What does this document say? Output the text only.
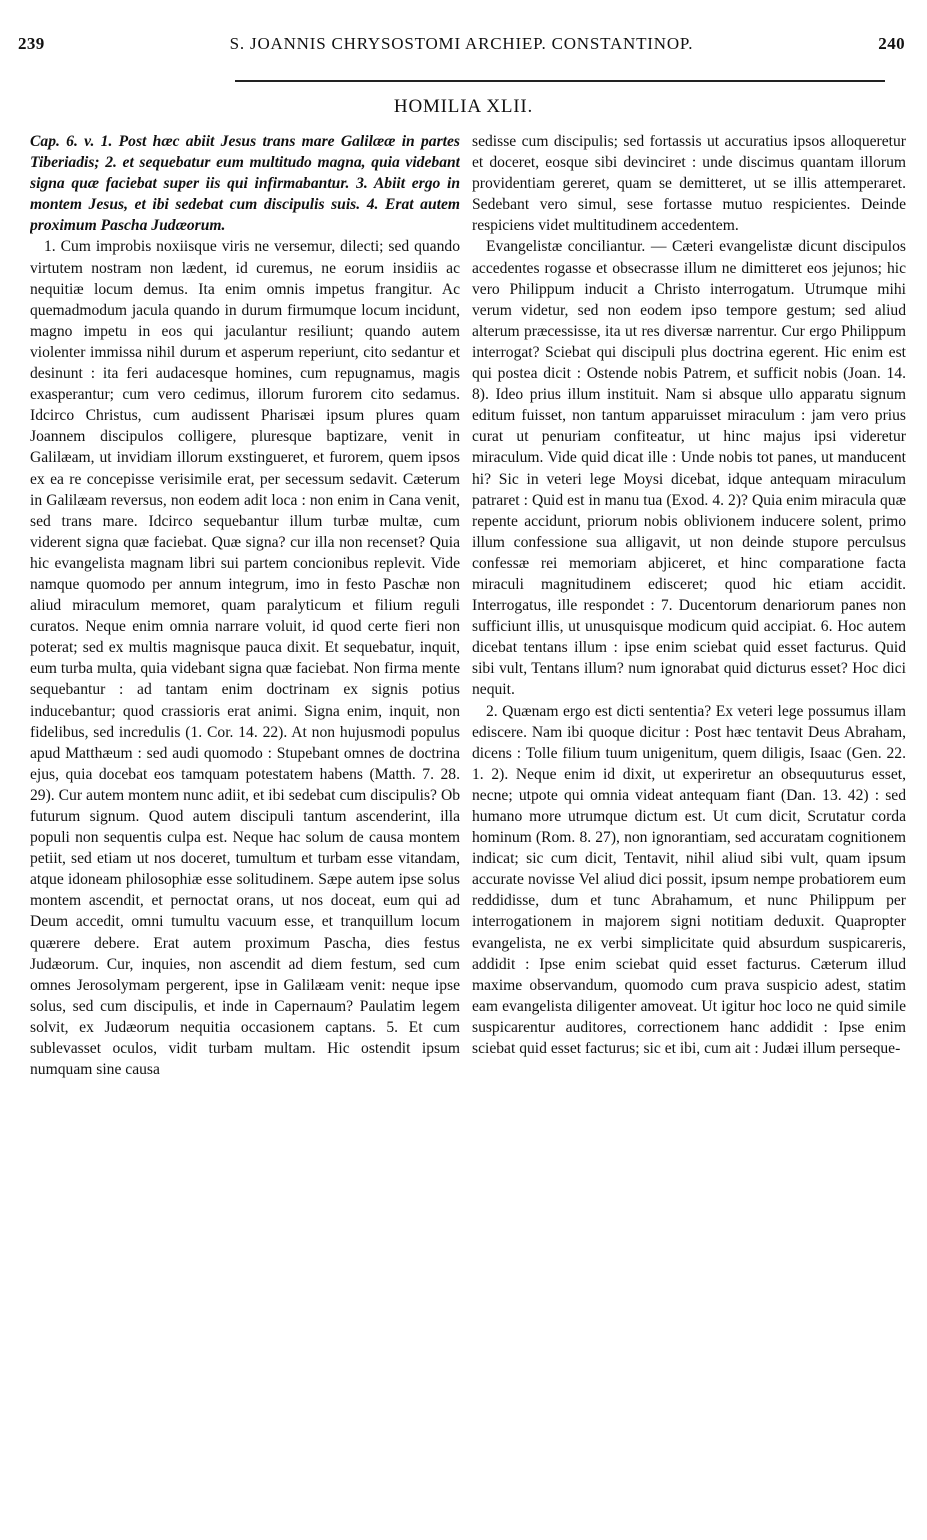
239	S. JOANNIS CHRYSOSTOMI ARCHIEP. CONSTANTINOP.	240
HOMILIA XLII.

Cap. 6. v. 1. Post hæc abiit Jesus trans mare Galilææ in partes Tiberiadis; 2. et sequebatur eum multitudo magna, quia videbant signa quæ faciebat super iis qui infirmabantur. 3. Abiit ergo in montem Jesus, et ibi sedebat cum discipulis suis. 4. Erat autem proximum Pascha Judæorum.

1. Cum improbis noxiisque viris ne versemur, dilecti; sed quando virtutem nostram non lædent, id curemus, ne eorum insidiis ac nequitiæ locum demus. Ita enim omnis impetus frangitur. Ac quemadmodum jacula quando in durum firmumque locum incidunt, magno impetu in eos qui jaculantur resiliunt; quando autem violenter immissa nihil durum et asperum reperiunt, cito sedantur et desinunt : ita feri audacesque homines, cum repugnamus, magis exasperantur; cum vero cedimus, illorum furorem cito sedamus. Idcirco Christus, cum audissent Pharisæi ipsum plures quam Joannem discipulos colligere, pluresque baptizare, venit in Galilæam, ut invidiam illorum exstingueret, et furorem, quem ipsos ex ea re concepisse verisimile erat, per secessum sedavit. Cæterum in Galilæam reversus, non eodem adit loca : non enim in Cana venit, sed trans mare. Idcirco sequebantur illum turbæ multæ, cum viderent signa quæ faciebat. Quæ signa? cur illa non recenset? Quia hic evangelista magnam libri sui partem concionibus replevit. Vide namque quomodo per annum integrum, imo in festo Paschæ non aliud miraculum memoret, quam paralyticum et filium reguli curatos. Neque enim omnia narrare voluit, id quod certe fieri non poterat; sed ex multis magnisque pauca dixit. Et sequebatur, inquit, eum turba multa, quia videbant signa quæ faciebat. Non firma mente sequebantur : ad tantam enim doctrinam ex signis potius inducebantur; quod crassioris erat animi. Signa enim, inquit, non fidelibus, sed incredulis (1. Cor. 14. 22). At non hujusmodi populus apud Matthæum : sed audi quomodo : Stupebant omnes de doctrina ejus, quia docebat eos tamquam potestatem habens (Matth. 7. 28. 29). Cur autem montem nunc adiit, et ibi sedebat cum discipulis? Ob futurum signum. Quod autem discipuli tantum ascenderint, illa populi non sequentis culpa est. Neque hac solum de causa montem petiit, sed etiam ut nos doceret, tumultum et turbam esse vitandam, atque idoneam philosophiæ esse solitudinem. Sæpe autem ipse solus montem ascendit, et pernoctat orans, ut nos doceat, eum qui ad Deum accedit, omni tumultu vacuum esse, et tranquillum locum quærere debere. Erat autem proximum Pascha, dies festus Judæorum. Cur, inquies, non ascendit ad diem festum, sed cum omnes Jerosolymam pergerent, ipse in Galilæam venit: neque ipse solus, sed cum discipulis, et inde in Capernaum? Paulatim legem solvit, ex Judæorum nequitia occasionem captans. 5. Et cum sublevasset oculos, vidit turbam multam. Hic ostendit ipsum numquam sine causa

sedisse cum discipulis; sed fortassis ut accuratius ipsos alloqueretur et doceret, eosque sibi devinciret : unde discimus quantam illorum providentiam gereret, quam se demitteret, ut se illis attemperaret. Sedebant vero simul, sese fortasse mutuo respicientes. Deinde respiciens videt multitudinem accedentem.

Evangelistæ conciliantur. — Cæteri evangelistæ dicunt discipulos accedentes rogasse et obsecrasse illum ne dimitteret eos jejunos; hic vero Philippum inducit a Christo interrogatum. Utrumque mihi verum videtur, sed non eodem ipso tempore gestum; sed aliud alterum præcessisse, ita ut res diversæ narrentur. Cur ergo Philippum interrogat? Sciebat qui discipuli plus doctrina egerent. Hic enim est qui postea dicit : Ostende nobis Patrem, et sufficit nobis (Joan. 14. 8). Ideo prius illum instituit. Nam si absque ullo apparatu signum editum fuisset, non tantum apparuisset miraculum : jam vero prius curat ut penuriam confiteatur, ut hinc majus ipsi videretur miraculum. Vide quid dicat ille : Unde nobis tot panes, ut manducent hi? Sic in veteri lege Moysi dicebat, idque antequam miraculum patraret : Quid est in manu tua (Exod. 4. 2)? Quia enim miracula quæ repente accidunt, priorum nobis oblivionem inducere solent, primo illum confessione sua alligavit, ut non deinde stupore perculsus confessæ rei memoriam abjiceret, et hinc comparatione facta miraculi magnitudinem edisceret; quod hic etiam accidit. Interrogatus, ille respondet : 7. Ducentorum denariorum panes non sufficiunt illis, ut unusquisque modicum quid accipiat. 6. Hoc autem dicebat tentans illum : ipse enim sciebat quid esset facturus. Quid sibi vult, Tentans illum? num ignorabat quid dicturus esset? Hoc dici nequit.

2. Quænam ergo est dicti sententia? Ex veteri lege possumus illam ediscere. Nam ibi quoque dicitur : Post hæc tentavit Deus Abraham, dicens : Tolle filium tuum unigenitum, quem diligis, Isaac (Gen. 22. 1. 2). Neque enim id dixit, ut experiretur an obsequuturus esset, necne; utpote qui omnia videat antequam fiant (Dan. 13. 42) : sed humano more utrumque dictum est. Ut cum dicit, Scrutatur corda hominum (Rom. 8. 27), non ignorantiam, sed accuratam cognitionem indicat; sic cum dicit, Tentavit, nihil aliud sibi vult, quam ipsum accurate novisse Vel aliud dici possit, ipsum nempe probatiorem eum reddidisse, dum et tunc Abrahamum, et nunc Philippum per interrogationem in majorem signi notitiam deduxit. Quapropter evangelista, ne ex verbi simplicitate quid absurdum suspicareris, addidit : Ipse enim sciebat quid esset facturus. Cæterum illud maxime observandum, quomodo cum prava suspicio adest, statim eam evangelista diligenter amoveat. Ut igitur hoc loco ne quid simile suspicarentur auditores, correctionem hanc addidit : Ipse enim sciebat quid esset facturus; sic et ibi, cum ait : Judæi illum perseque-
